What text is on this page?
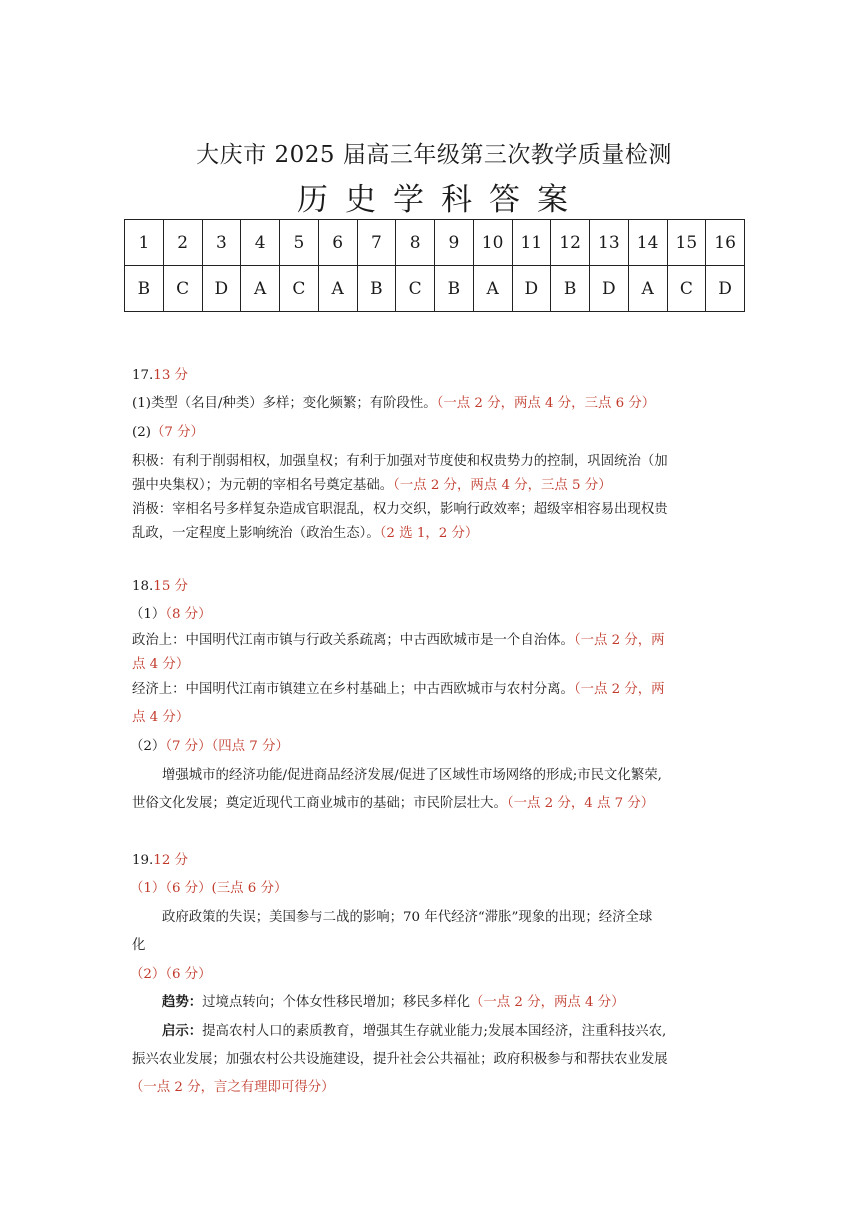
大庆市 2025 届高三年级第三次教学质量检测
历史学科答案
1	2	3	4	5	6	7	8	9	10	11	12	13	14	15	16
B	C	D	A	C	A	B	C	B	A	D	B	D	A	C	D
17.13 分
(1)类型（名目/种类）多样；变化频繁；有阶段性。（一点 2 分，两点 4 分，三点 6 分）
(2)（7 分）
积极：有利于削弱相权，加强皇权；有利于加强对节度使和权贵势力的控制，巩固统治（加
强中央集权）；为元朝的宰相名号奠定基础。（一点 2 分，两点 4 分，三点 5 分）
消极：宰相名号多样复杂造成官职混乱，权力交织，影响行政效率；超级宰相容易出现权贵
乱政，一定程度上影响统治（政治生态）。（2 选 1，2 分）
18.15 分
（1）（8 分）
政治上：中国明代江南市镇与行政关系疏离；中古西欧城市是一个自治体。（一点 2 分，两
点 4 分）
经济上：中国明代江南市镇建立在乡村基础上；中古西欧城市与农村分离。（一点 2 分，两
点 4 分）
（2）（7 分）（四点 7 分）
增强城市的经济功能/促进商品经济发展/促进了区域性市场网络的形成;市民文化繁荣,
世俗文化发展；奠定近现代工商业城市的基础；市民阶层壮大。（一点 2 分，4 点 7 分）
19.12 分
（1）（6 分）(三点 6 分）
政府政策的失误；美国参与二战的影响；70 年代经济“滞胀”现象的出现；经济全球
化
（2）（6 分）
趋势：过境点转向；个体女性移民增加；移民多样化（一点 2 分，两点 4 分）
启示：提高农村人口的素质教育，增强其生存就业能力;发展本国经济，注重科技兴农,
振兴农业发展；加强农村公共设施建设，提升社会公共福祉；政府积极参与和帮扶农业发展
（一点 2 分，言之有理即可得分）
